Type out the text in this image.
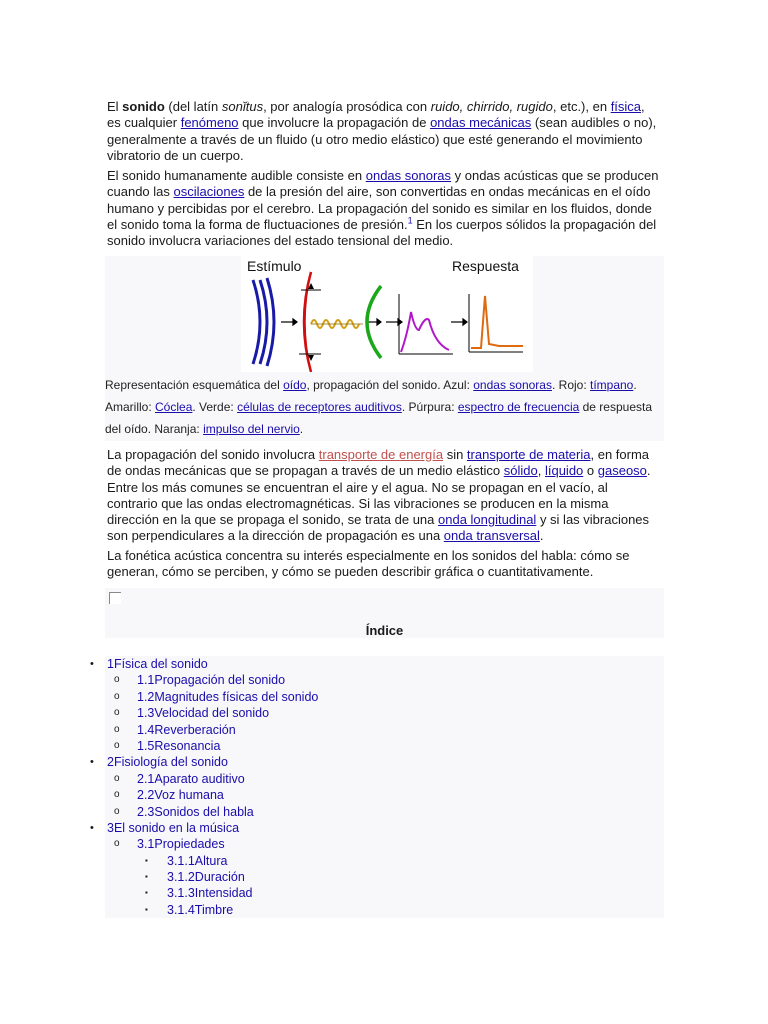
El sonido (del latín sonĭtus, por analogía prosódica con ruido, chirrido, rugido, etc.), en física, es cualquier fenómeno que involucre la propagación de ondas mecánicas (sean audibles o no), generalmente a través de un fluido (u otro medio elástico) que esté generando el movimiento vibratorio de un cuerpo.

El sonido humanamente audible consiste en ondas sonoras y ondas acústicas que se producen cuando las oscilaciones de la presión del aire, son convertidas en ondas mecánicas en el oído humano y percibidas por el cerebro. La propagación del sonido es similar en los fluidos, donde el sonido toma la forma de fluctuaciones de presión.$^1$ En los cuerpos sólidos la propagación del sonido involucra variaciones del estado tensional del medio.

Estímulo	Respuesta
Representación esquemática del oído, propagación del sonido. Azul: ondas sonoras. Rojo: tímpano. Amarillo: Cóclea. Verde: células de receptores auditivos. Púrpura: espectro de frecuencia de respuesta del oído. Naranja: impulso del nervio.

La propagación del sonido involucra transporte de energía sin transporte de materia, en forma de ondas mecánicas que se propagan a través de un medio elástico sólido, líquido o gaseoso. Entre los más comunes se encuentran el aire y el agua. No se propagan en el vacío, al contrario que las ondas electromagnéticas. Si las vibraciones se producen en la misma dirección en la que se propaga el sonido, se trata de una onda longitudinal y si las vibraciones son perpendiculares a la dirección de propagación es una onda transversal.

La fonética acústica concentra su interés especialmente en los sonidos del habla: cómo se generan, cómo se perciben, y cómo se pueden describir gráfica o cuantitativamente.

Índice
• 1Física del sonido
o 1.1Propagación del sonido
o 1.2Magnitudes físicas del sonido
o 1.3Velocidad del sonido
o 1.4Reverberación
o 1.5Resonancia
• 2Fisiología del sonido
o 2.1Aparato auditivo
o 2.2Voz humana
o 2.3Sonidos del habla
• 3El sonido en la música
o 3.1Propiedades
▪ 3.1.1Altura
▪ 3.1.2Duración
▪ 3.1.3Intensidad
▪ 3.1.4Timbre
